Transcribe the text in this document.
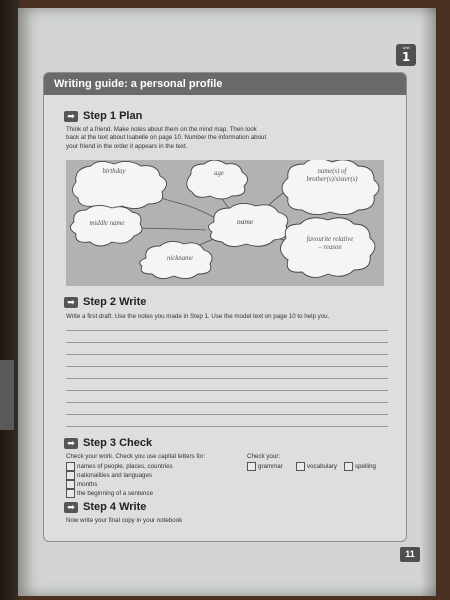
Unit
1
Writing guide: a personal profile
➡ Step 1 Plan
Think of a friend. Make notes about them on the mind map. Then look
back at the text about Isabelle on page 10. Number the information about
your friend in the order it appears in the text.
birthday	age	name(s) of
brother(s)/sister(s)
middle name	name
nickname
favourite relative
– reason
➡ Step 2 Write
Write a first draft. Use the notes you made in Step 1. Use the model text on page 10 to help you.
➡ Step 3 Check
Check your work. Check you use capital letters for:
names of people, places, countries
nationalities and languages
months
the beginning of a sentence
Check your:
grammar	vocabulary	spelling
➡ Step 4 Write
Now write your final copy in your notebook
11
